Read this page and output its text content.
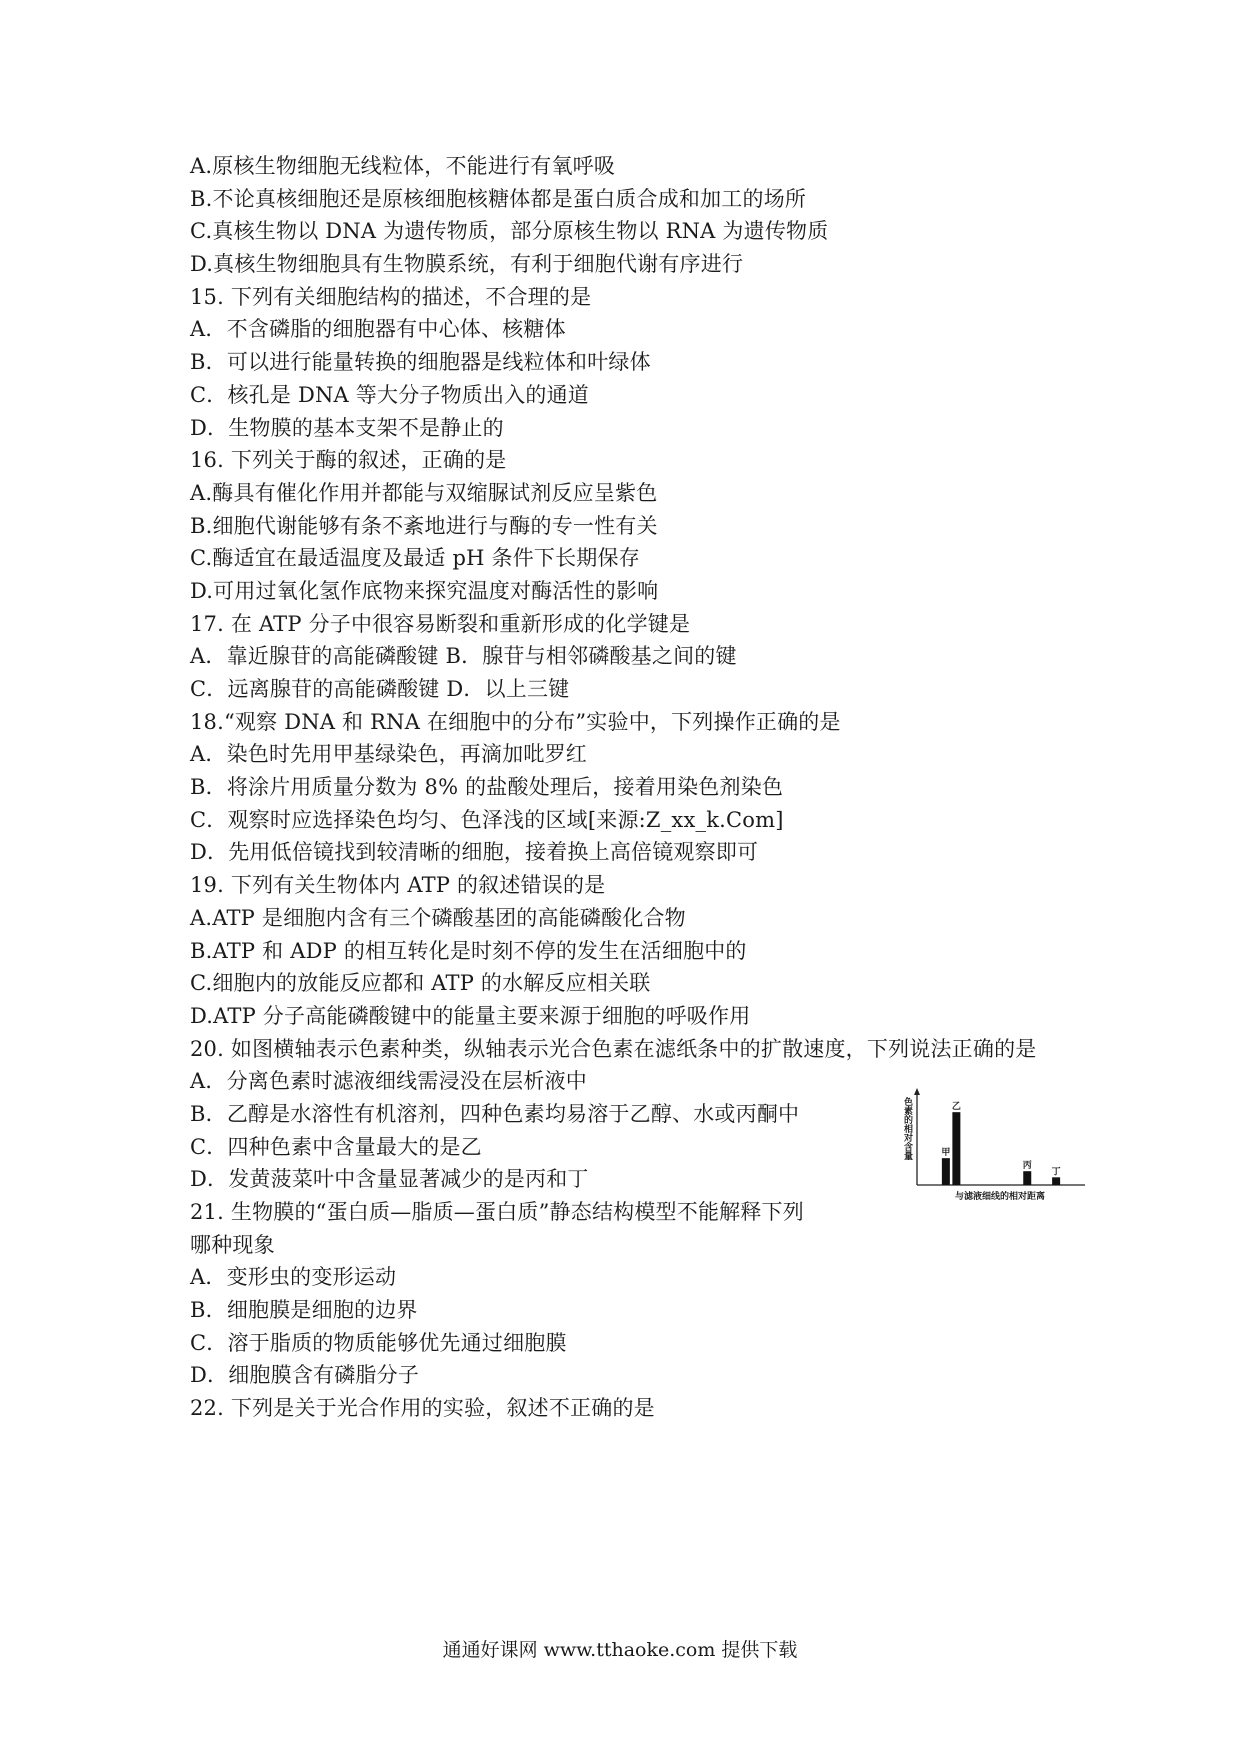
A.原核生物细胞无线粒体，不能进行有氧呼吸
B.不论真核细胞还是原核细胞核糖体都是蛋白质合成和加工的场所
C.真核生物以 DNA 为遗传物质，部分原核生物以 RNA 为遗传物质
D.真核生物细胞具有生物膜系统，有利于细胞代谢有序进行
15. 下列有关细胞结构的描述，不合理的是
A．不含磷脂的细胞器有中心体、核糖体
B．可以进行能量转换的细胞器是线粒体和叶绿体
C．核孔是 DNA 等大分子物质出入的通道
D．生物膜的基本支架不是静止的
16. 下列关于酶的叙述，正确的是
A.酶具有催化作用并都能与双缩脲试剂反应呈紫色
B.细胞代谢能够有条不紊地进行与酶的专一性有关
C.酶适宜在最适温度及最适 pH 条件下长期保存
D.可用过氧化氢作底物来探究温度对酶活性的影响
17. 在 ATP 分子中很容易断裂和重新形成的化学键是
A．靠近腺苷的高能磷酸键 B．腺苷与相邻磷酸基之间的键
C．远离腺苷的高能磷酸键 D．以上三键
18.“观察 DNA 和 RNA 在细胞中的分布”实验中，下列操作正确的是
A．染色时先用甲基绿染色，再滴加吡罗红
B．将涂片用质量分数为 8% 的盐酸处理后，接着用染色剂染色
C．观察时应选择染色均匀、色泽浅的区域[来源:Z_xx_k.Com]
D．先用低倍镜找到较清晰的细胞，接着换上高倍镜观察即可
19. 下列有关生物体内 ATP 的叙述错误的是
A.ATP 是细胞内含有三个磷酸基团的高能磷酸化合物
B.ATP 和 ADP 的相互转化是时刻不停的发生在活细胞中的
C.细胞内的放能反应都和 ATP 的水解反应相关联
D.ATP 分子高能磷酸键中的能量主要来源于细胞的呼吸作用
20. 如图横轴表示色素种类，纵轴表示光合色素在滤纸条中的扩散速度，下列说法正确的是
A．分离色素时滤液细线需浸没在层析液中
B．乙醇是水溶性有机溶剂，四种色素均易溶于乙醇、水或丙酮中
C．四种色素中含量最大的是乙
D．发黄菠菜叶中含量显著减少的是丙和丁
21. 生物膜的“蛋白质—脂质—蛋白质”静态结构模型不能解释下列
哪种现象
A．变形虫的变形运动
B．细胞膜是细胞的边界
C．溶于脂质的物质能够优先通过细胞膜
D．细胞膜含有磷脂分子
22. 下列是关于光合作用的实验，叙述不正确的是
色素的相对含量
与滤液细线的相对距离
甲
乙
丙
丁
通通好课网 www.tthaoke.com 提供下载
